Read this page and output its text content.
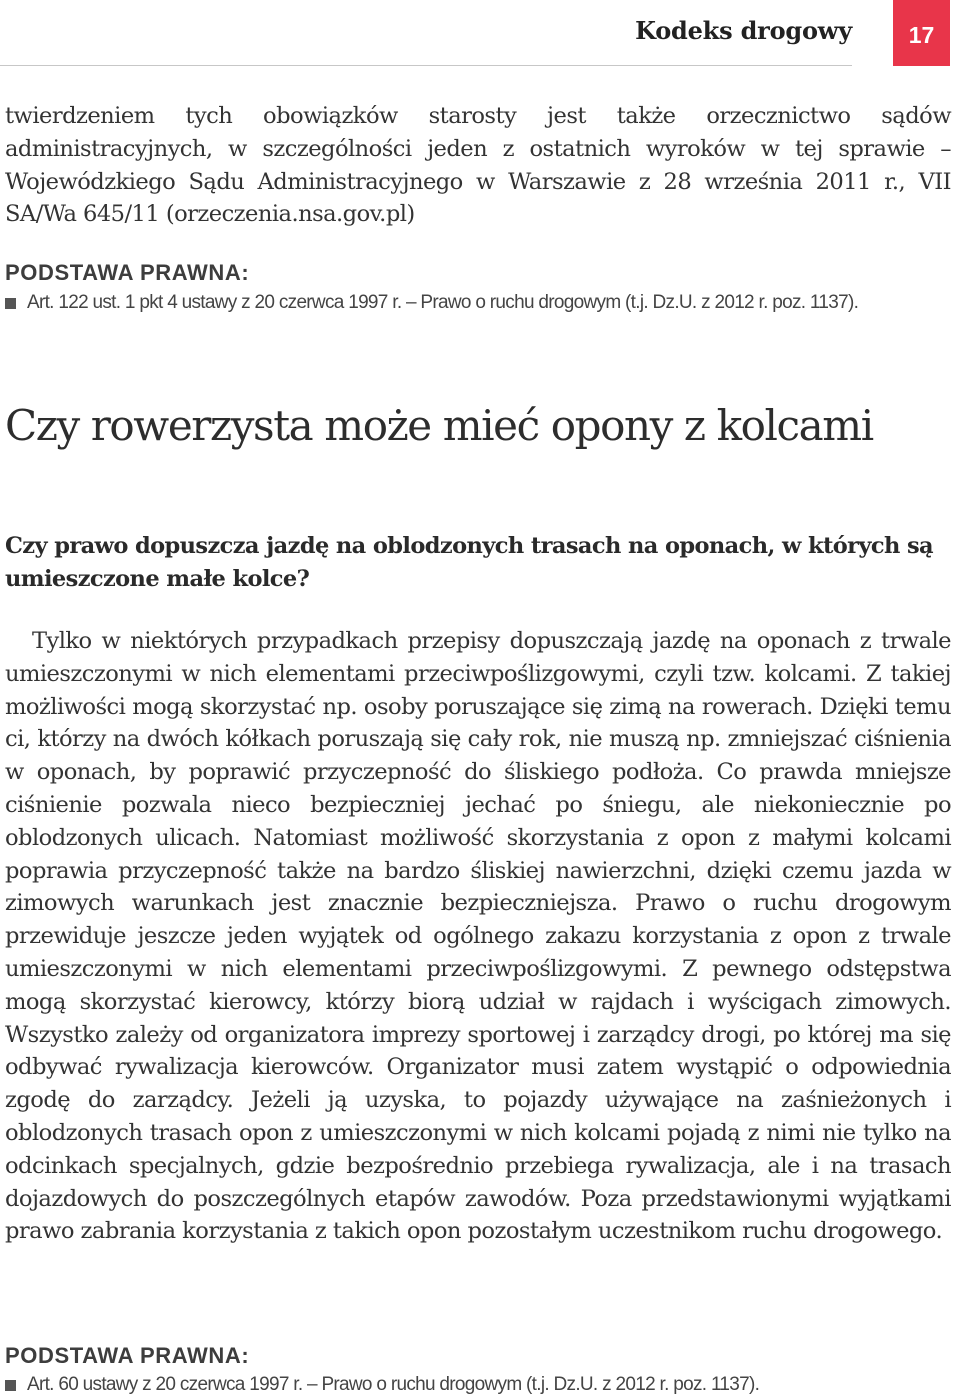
Kodeks drogowy	17

twierdzeniem tych obowiązków starosty jest także orzecznictwo sądów administracyjnych, w szczególności jeden z ostatnich wyroków w tej sprawie – Wojewódzkiego Sądu Administracyjnego w Warszawie z 28 września 2011 r., VII SA/Wa 645/11 (orzeczenia.nsa.gov.pl)

PODSTAWA PRAWNA:
Art. 122 ust. 1 pkt 4 ustawy z 20 czerwca 1997 r. – Prawo o ruchu drogowym (t.j. Dz.U. z 2012 r. poz. 1137).
Czy rowerzysta może mieć opony z kolcami
Czy prawo dopuszcza jazdę na oblodzonych trasach na oponach, w których są umieszczone małe kolce?

Tylko w niektórych przypadkach przepisy dopuszczają jazdę na oponach z trwale umieszczonymi w nich elementami przeciwpoślizgowymi, czyli tzw. kolcami. Z takiej możliwości mogą skorzystać np. osoby poruszające się zimą na rowerach. Dzięki temu ci, którzy na dwóch kółkach poruszają się cały rok, nie muszą np. zmniejszać ciśnienia w oponach, by poprawić przyczepność do śliskiego podłoża. Co prawda mniejsze ciśnienie pozwala nieco bezpieczniej jechać po śniegu, ale niekoniecznie po oblodzonych ulicach. Natomiast możliwość skorzystania z opon z małymi kolcami poprawia przyczepność także na bardzo śliskiej nawierzchni, dzięki czemu jazda w zimowych warunkach jest znacznie bezpieczniejsza. Prawo o ruchu drogowym przewiduje jeszcze jeden wyjątek od ogólnego zakazu korzystania z opon z trwale umieszczonymi w nich elementami przeciwpoślizgowymi. Z pewnego odstępstwa mogą skorzystać kierowcy, którzy biorą udział w rajdach i wyścigach zimowych. Wszystko zależy od organizatora imprezy sportowej i zarządcy drogi, po której ma się odbywać rywalizacja kierowców. Organizator musi zatem wystąpić o odpowiednia zgodę do zarządcy. Jeżeli ją uzyska, to pojazdy używające na zaśnieżonych i oblodzonych trasach opon z umieszczonymi w nich kolcami pojadą z nimi nie tylko na odcinkach specjalnych, gdzie bezpośrednio przebiega rywalizacja, ale i na trasach dojazdowych do poszczególnych etapów zawodów. Poza przedstawionymi wyjątkami prawo zabrania korzystania z takich opon pozostałym uczestnikom ruchu drogowego.

PODSTAWA PRAWNA:
Art. 60 ustawy z 20 czerwca 1997 r. – Prawo o ruchu drogowym (t.j. Dz.U. z 2012 r. poz. 1137).
